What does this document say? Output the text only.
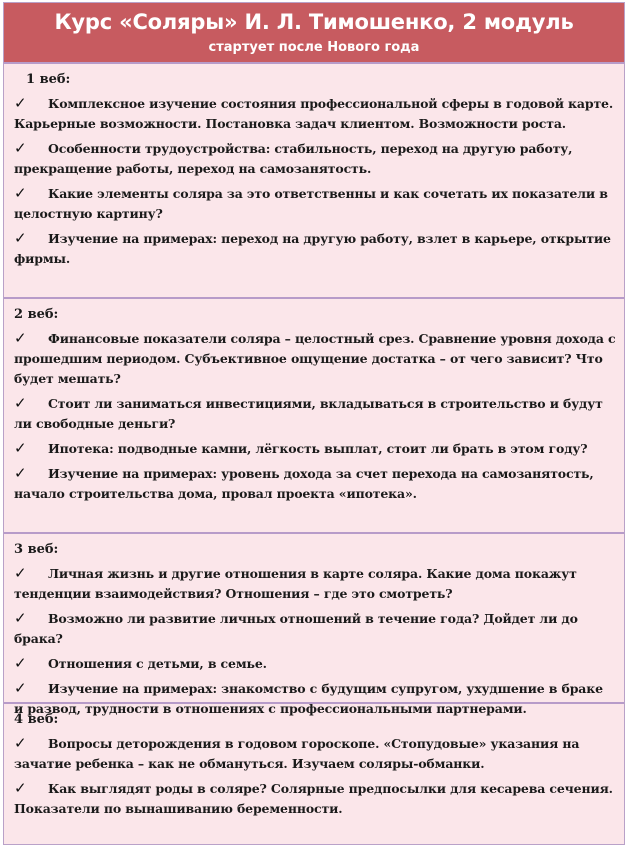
Курс «Соляры» И. Л. Тимошенко, 2 модуль
стартует после Нового года
1 веб:
✓ Комплексное изучение состояния профессиональной сферы в годовой карте. Карьерные возможности. Постановка задач клиентом. Возможности роста.
✓ Особенности трудоустройства: стабильность, переход на другую работу, прекращение работы, переход на самозанятость.
✓ Какие элементы соляра за это ответственны и как сочетать их показатели в целостную картину?
✓ Изучение на примерах: переход на другую работу, взлет в карьере, открытие фирмы.
2 веб:
✓ Финансовые показатели соляра – целостный срез. Сравнение уровня дохода с прошедшим периодом. Субъективное ощущение достатка – от чего зависит? Что будет мешать?
✓ Стоит ли заниматься инвестициями, вкладываться в строительство и будут ли свободные деньги?
✓ Ипотека: подводные камни, лёгкость выплат, стоит ли брать в этом году?
✓ Изучение на примерах: уровень дохода за счет перехода на самозанятость, начало строительства дома, провал проекта «ипотека».
3 веб:
✓ Личная жизнь и другие отношения в карте соляра. Какие дома покажут тенденции взаимодействия? Отношения – где это смотреть?
✓ Возможно ли развитие личных отношений в течение года? Дойдет ли до брака?
✓ Отношения с детьми, в семье.
✓ Изучение на примерах: знакомство с будущим супругом, ухудшение в браке и развод, трудности в отношениях с профессиональными партнерами.
4 веб:
✓ Вопросы деторождения в годовом гороскопе. «Стопудовые» указания на зачатие ребенка – как не обмануться. Изучаем соляры-обманки.
✓ Как выглядят роды в соляре? Солярные предпосылки для кесарева сечения. Показатели по вынашиванию беременности.
